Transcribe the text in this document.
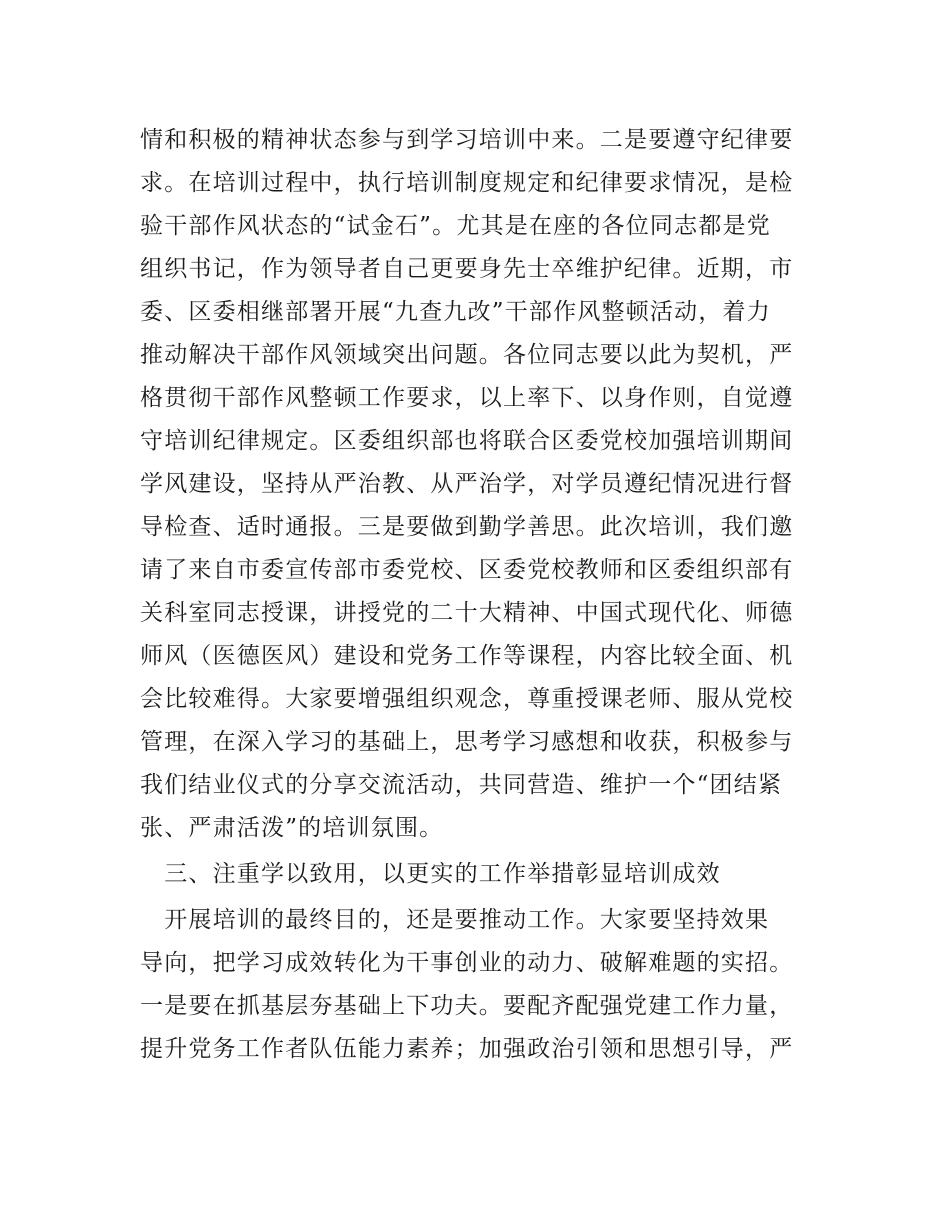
情和积极的精神状态参与到学习培训中来。二是要遵守纪律要
求。在培训过程中，执行培训制度规定和纪律要求情况，是检
验干部作风状态的“试金石”。尤其是在座的各位同志都是党
组织书记，作为领导者自己更要身先士卒维护纪律。近期，市
委、区委相继部署开展“九查九改”干部作风整顿活动，着力
推动解决干部作风领域突出问题。各位同志要以此为契机，严
格贯彻干部作风整顿工作要求，以上率下、以身作则，自觉遵
守培训纪律规定。区委组织部也将联合区委党校加强培训期间
学风建设，坚持从严治教、从严治学，对学员遵纪情况进行督
导检查、适时通报。三是要做到勤学善思。此次培训，我们邀
请了来自市委宣传部市委党校、区委党校教师和区委组织部有
关科室同志授课，讲授党的二十大精神、中国式现代化、师德
师风（医德医风）建设和党务工作等课程，内容比较全面、机
会比较难得。大家要增强组织观念，尊重授课老师、服从党校
管理，在深入学习的基础上，思考学习感想和收获，积极参与
我们结业仪式的分享交流活动，共同营造、维护一个“团结紧
张、严肃活泼”的培训氛围。
　三、注重学以致用，以更实的工作举措彰显培训成效
　开展培训的最终目的，还是要推动工作。大家要坚持效果
导向，把学习成效转化为干事创业的动力、破解难题的实招。
一是要在抓基层夯基础上下功夫。要配齐配强党建工作力量，
提升党务工作者队伍能力素养；加强政治引领和思想引导，严
